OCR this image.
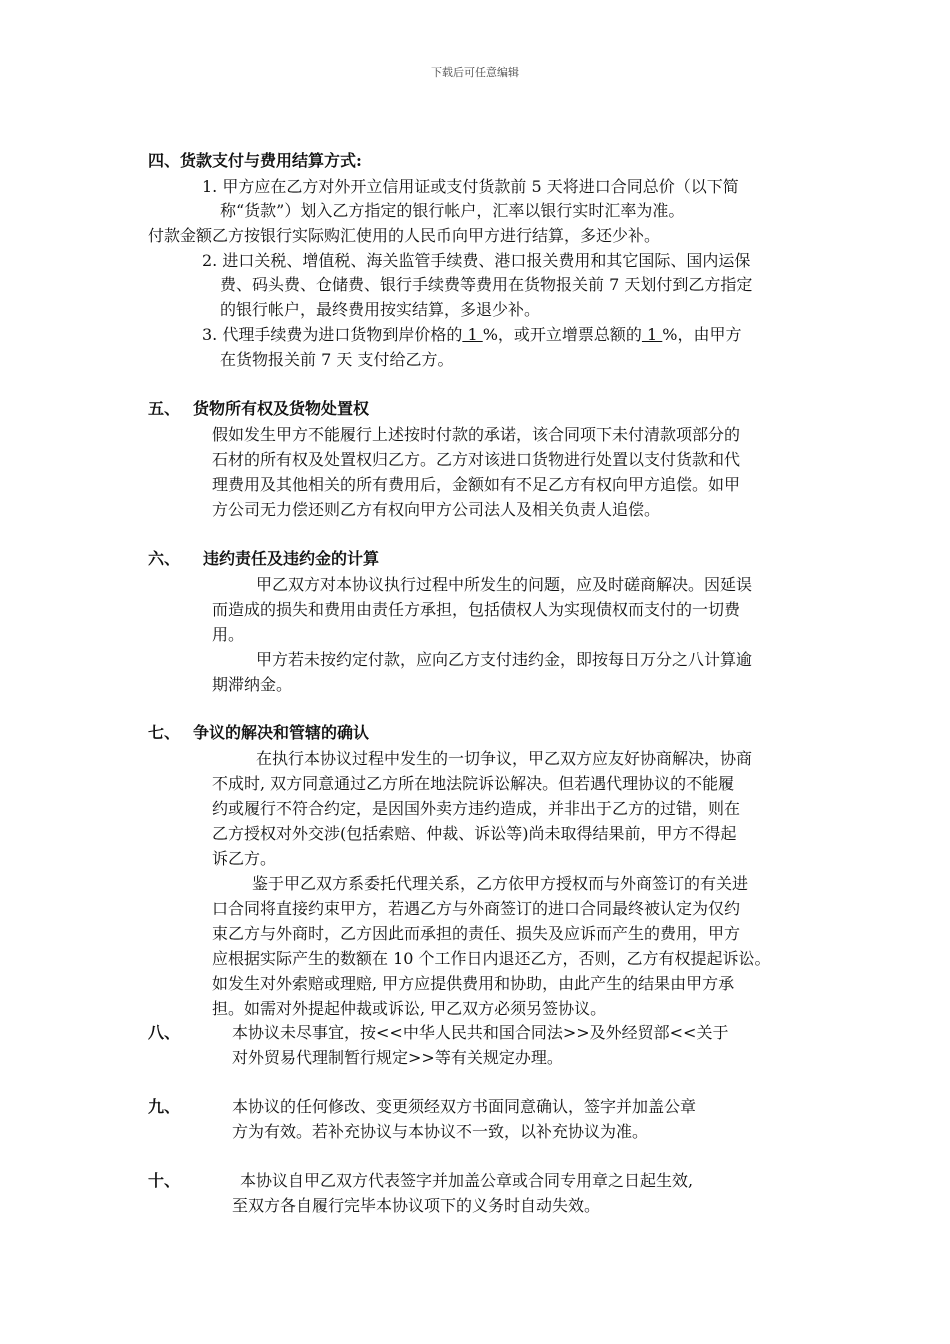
下载后可任意编辑
四、货款支付与费用结算方式:
1. 甲方应在乙方对外开立信用证或支付货款前 5 天将进口合同总价（以下简
称“货款”）划入乙方指定的银行帐户，汇率以银行实时汇率为准。
付款金额乙方按银行实际购汇使用的人民币向甲方进行结算，多还少补。
2. 进口关税、增值税、海关监管手续费、港口报关费用和其它国际、国内运保
费、码头费、仓储费、银行手续费等费用在货物报关前 7 天划付到乙方指定
的银行帐户，最终费用按实结算，多退少补。
3. 代理手续费为进口货物到岸价格的 1 %，或开立增票总额的 1 %，由甲方
在货物报关前 7 天 支付给乙方。
五、 货物所有权及货物处置权
假如发生甲方不能履行上述按时付款的承诺，该合同项下未付清款项部分的
石材的所有权及处置权归乙方。乙方对该进口货物进行处置以支付货款和代
理费用及其他相关的所有费用后，金额如有不足乙方有权向甲方追偿。如甲
方公司无力偿还则乙方有权向甲方公司法人及相关负责人追偿。
六、 违约责任及违约金的计算
甲乙双方对本协议执行过程中所发生的问题，应及时磋商解决。因延误
而造成的损失和费用由责任方承担，包括债权人为实现债权而支付的一切费
用。
甲方若未按约定付款，应向乙方支付违约金，即按每日万分之八计算逾
期滞纳金。
七、 争议的解决和管辖的确认
在执行本协议过程中发生的一切争议，甲乙双方应友好协商解决，协商
不成时, 双方同意通过乙方所在地法院诉讼解决。但若遇代理协议的不能履
约或履行不符合约定，是因国外卖方违约造成，并非出于乙方的过错，则在
乙方授权对外交涉(包括索赔、仲裁、诉讼等)尚未取得结果前，甲方不得起
诉乙方。
鉴于甲乙双方系委托代理关系，乙方依甲方授权而与外商签订的有关进
口合同将直接约束甲方，若遇乙方与外商签订的进口合同最终被认定为仅约
束乙方与外商时，乙方因此而承担的责任、损失及应诉而产生的费用，甲方
应根据实际产生的数额在 10 个工作日内退还乙方，否则，乙方有权提起诉讼。
如发生对外索赔或理赔, 甲方应提供费用和协助，由此产生的结果由甲方承
担。如需对外提起仲裁或诉讼, 甲乙双方必须另签协议。
八、	本协议未尽事宜，按<<中华人民共和国合同法>>及外经贸部<<关于
对外贸易代理制暂行规定>>等有关规定办理。
九、	本协议的任何修改、变更须经双方书面同意确认，签字并加盖公章
方为有效。若补充协议与本协议不一致，以补充协议为准。
十、	本协议自甲乙双方代表签字并加盖公章或合同专用章之日起生效,
至双方各自履行完毕本协议项下的义务时自动失效。
